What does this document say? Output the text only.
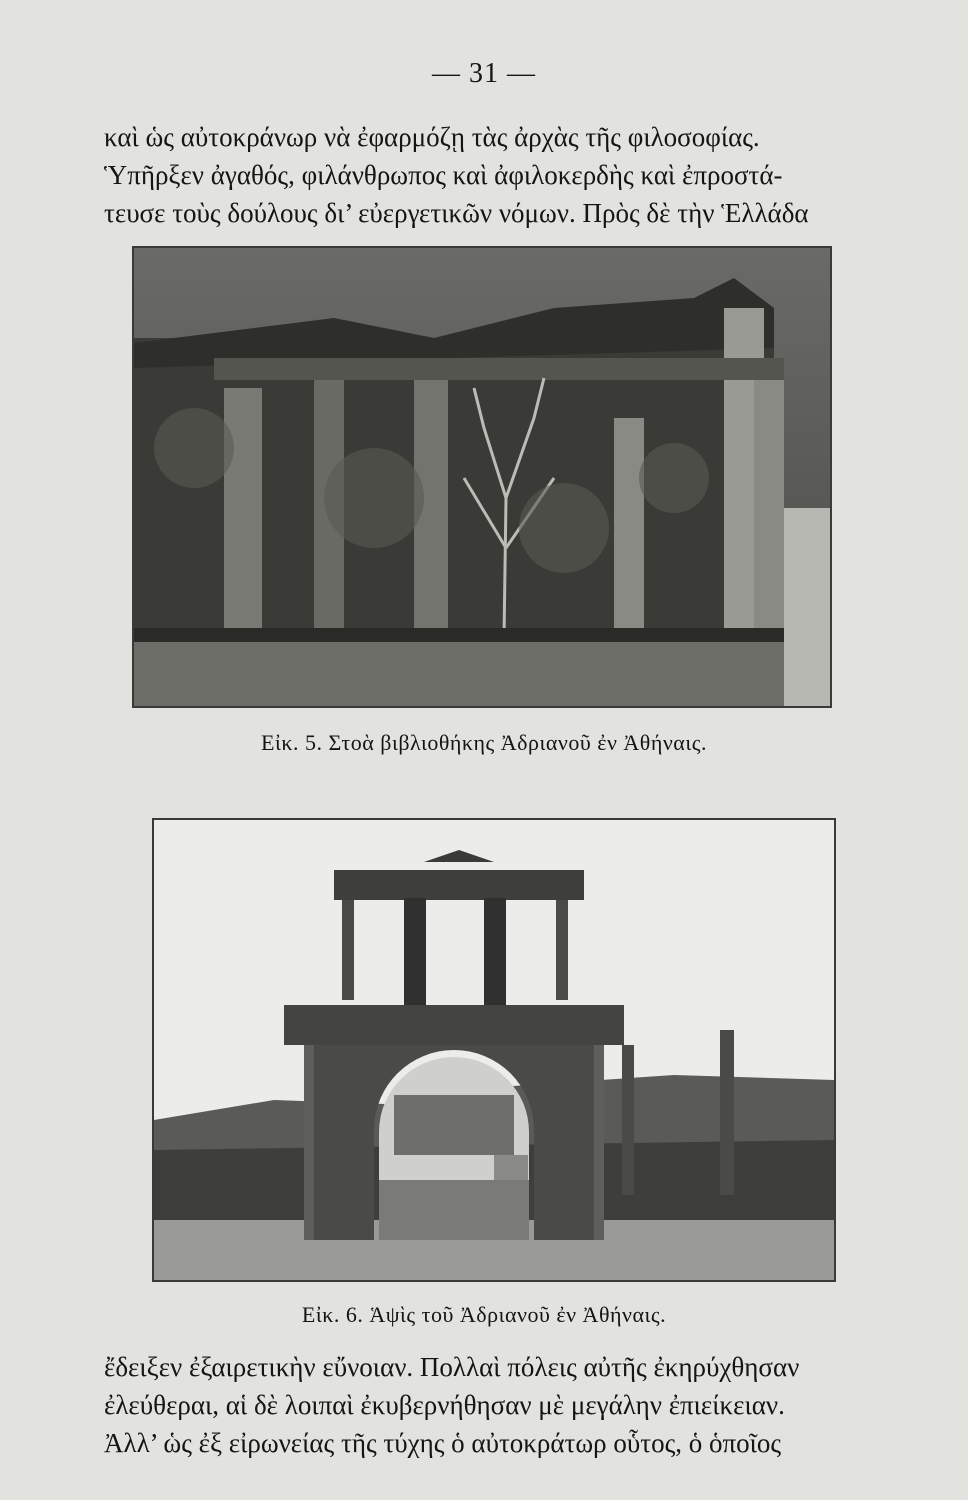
— 31 —
καὶ ὡς αὐτοκράνωρ νὰ ἐφαρμόζῃ τὰς ἀρχὰς τῆς φιλοσοφίας.
Ὑπῆρξεν ἀγαθός, φιλάνθρωπος καὶ ἀφιλοκερδὴς καὶ ἐπροστά-
τευσε τοὺς δούλους δι’ εὐεργετικῶν νόμων. Πρὸς δὲ τὴν Ἑλλάδα
Εἰκ. 5. Στοὰ βιβλιοθήκης Ἀδριανοῦ ἐν Ἀθήναις.
Εἰκ. 6. Ἁψὶς τοῦ Ἀδριανοῦ ἐν Ἀθήναις.
ἔδειξεν ἐξαιρετικὴν εὔνοιαν. Πολλαὶ πόλεις αὐτῆς ἐκηρύχθησαν
ἐλεύθεραι, αἱ δὲ λοιπαὶ ἐκυβερνήθησαν μὲ μεγάλην ἐπιείκειαν.
Ἀλλ’ ὡς ἐξ εἰρωνείας τῆς τύχης ὁ αὐτοκράτωρ οὗτος, ὁ ὁποῖος
